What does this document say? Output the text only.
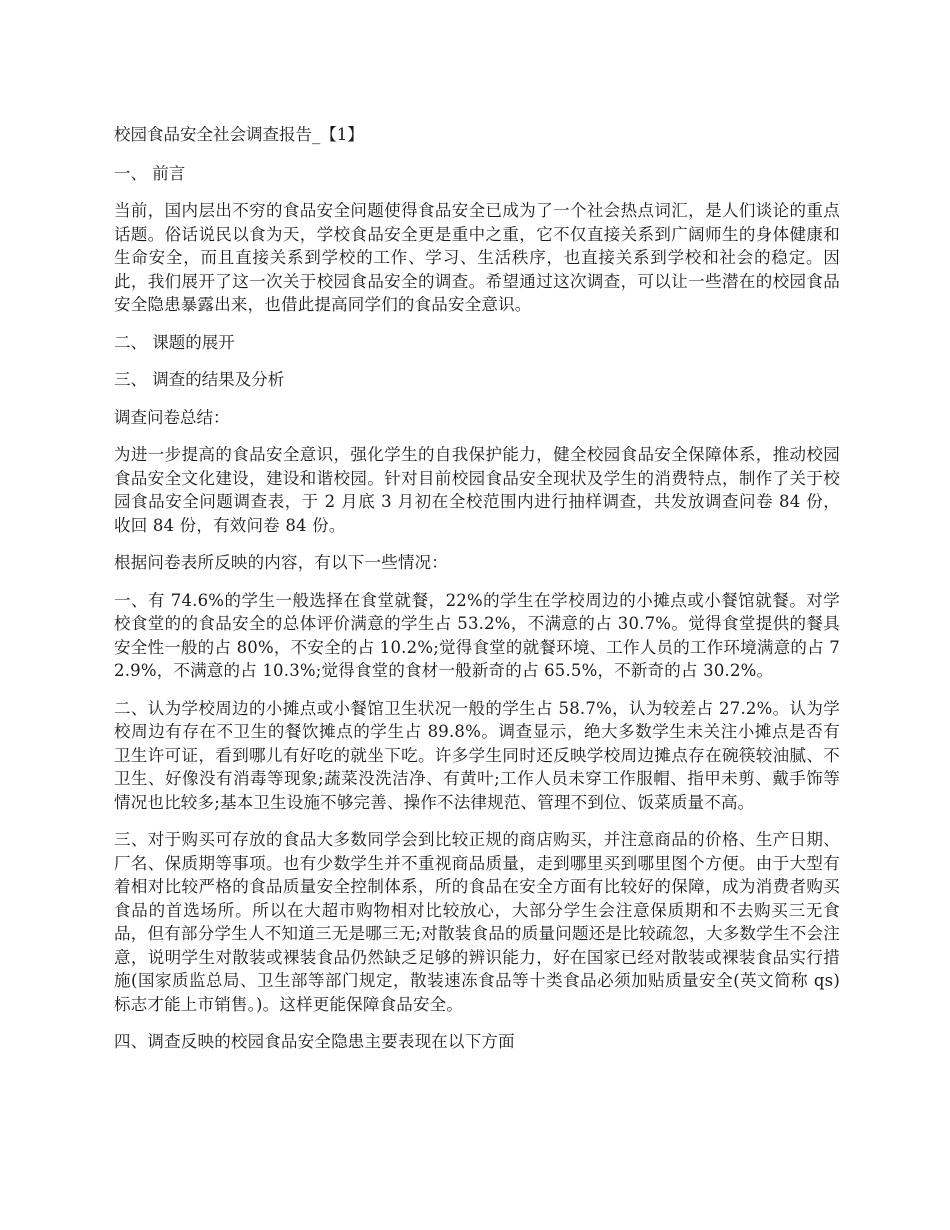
校园食品安全社会调查报告_【1】
一、 前言

当前，国内层出不穷的食品安全问题使得食品安全已成为了一个社会热点词汇，是人们谈论的重点话题。俗话说民以食为天，学校食品安全更是重中之重，它不仅直接关系到广阔师生的身体健康和生命安全，而且直接关系到学校的工作、学习、生活秩序，也直接关系到学校和社会的稳定。因此，我们展开了这一次关于校园食品安全的调查。希望通过这次调查，可以让一些潜在的校园食品安全隐患暴露出来，也借此提高同学们的食品安全意识。

二、 课题的展开
三、 调查的结果及分析
调查问卷总结：

为进一步提高的食品安全意识，强化学生的自我保护能力，健全校园食品安全保障体系，推动校园食品安全文化建设，建设和谐校园。针对目前校园食品安全现状及学生的消费特点，制作了关于校园食品安全问题调查表，于 2 月底 3 月初在全校范围内进行抽样调查，共发放调查问卷 84 份，收回 84 份，有效问卷 84 份。

根据问卷表所反映的内容，有以下一些情况：

一、有 74.6%的学生一般选择在食堂就餐，22%的学生在学校周边的小摊点或小餐馆就餐。对学校食堂的的食品安全的总体评价满意的学生占 53.2%，不满意的占 30.7%。觉得食堂提供的餐具安全性一般的占 80%，不安全的占 10.2%;觉得食堂的就餐环境、工作人员的工作环境满意的占 72.9%，不满意的占 10.3%;觉得食堂的食材一般新奇的占 65.5%，不新奇的占 30.2%。

二、认为学校周边的小摊点或小餐馆卫生状况一般的学生占 58.7%，认为较差占 27.2%。认为学校周边有存在不卫生的餐饮摊点的学生占 89.8%。调查显示，绝大多数学生未关注小摊点是否有卫生许可证，看到哪儿有好吃的就坐下吃。许多学生同时还反映学校周边摊点存在碗筷较油腻、不卫生、好像没有消毒等现象;蔬菜没洗洁净、有黄叶;工作人员未穿工作服帽、指甲未剪、戴手饰等情况也比较多;基本卫生设施不够完善、操作不法律规范、管理不到位、饭菜质量不高。

三、对于购买可存放的食品大多数同学会到比较正规的商店购买，并注意商品的价格、生产日期、厂名、保质期等事项。也有少数学生并不重视商品质量，走到哪里买到哪里图个方便。由于大型有着相对比较严格的食品质量安全控制体系，所的食品在安全方面有比较好的保障，成为消费者购买食品的首选场所。所以在大超市购物相对比较放心，大部分学生会注意保质期和不去购买三无食品，但有部分学生人不知道三无是哪三无;对散装食品的质量问题还是比较疏忽，大多数学生不会注意，说明学生对散装或裸装食品仍然缺乏足够的辨识能力，好在国家已经对散装或裸装食品实行措施(国家质监总局、卫生部等部门规定，散装速冻食品等十类食品必须加贴质量安全(英文简称 qs)标志才能上市销售。)。这样更能保障食品安全。

四、调查反映的校园食品安全隐患主要表现在以下方面
